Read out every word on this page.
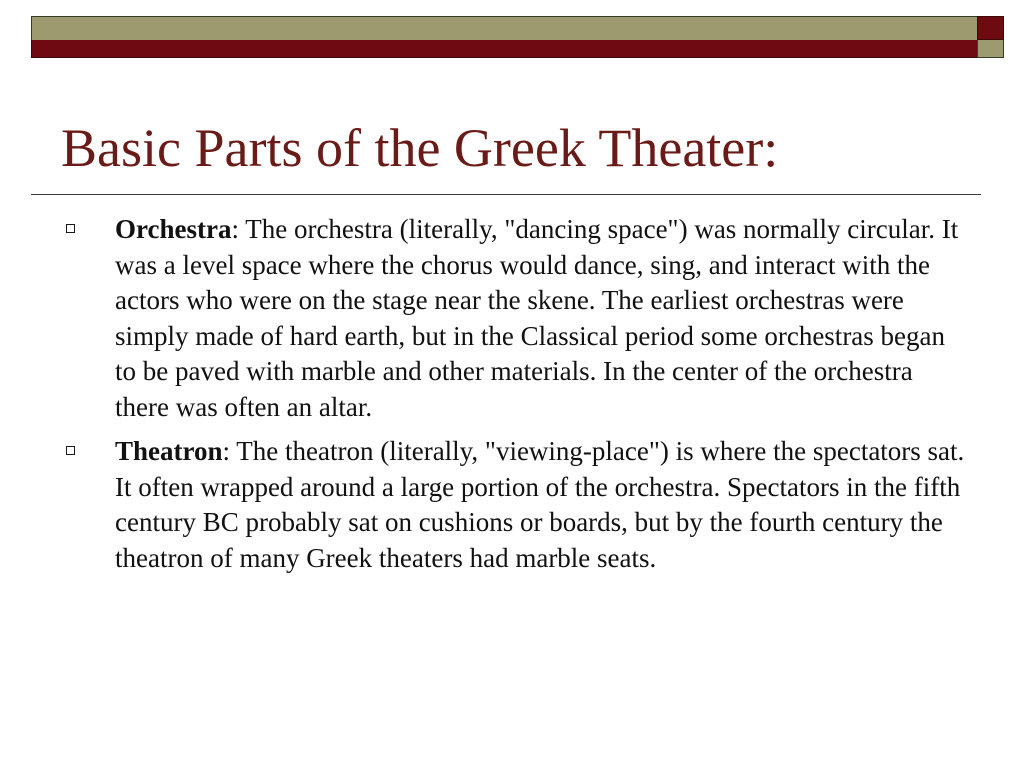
Basic Parts of the Greek Theater:
Orchestra: The orchestra (literally, "dancing space") was normally circular. It was a level space where the chorus would dance, sing, and interact with the actors who were on the stage near the skene. The earliest orchestras were simply made of hard earth, but in the Classical period some orchestras began to be paved with marble and other materials. In the center of the orchestra there was often an altar.
Theatron: The theatron (literally, "viewing-place") is where the spectators sat. It often wrapped around a large portion of the orchestra. Spectators in the fifth century BC probably sat on cushions or boards, but by the fourth century the theatron of many Greek theaters had marble seats.
